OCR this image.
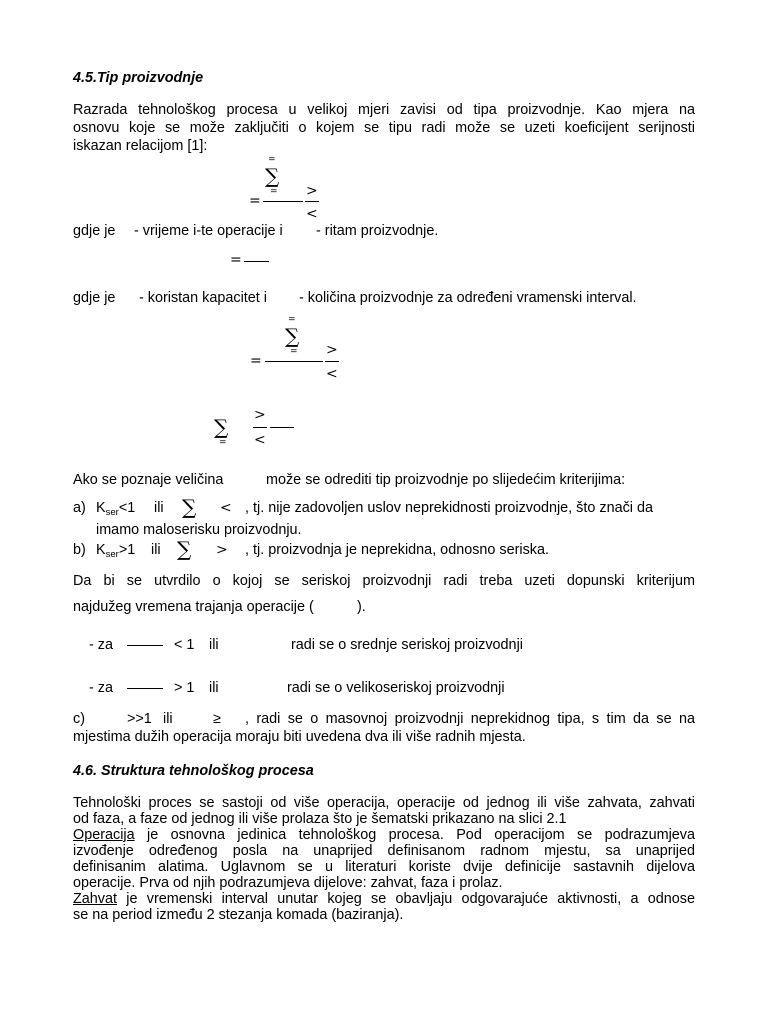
4.5.Tip proizvodnje
Razrada tehnološkog procesa u velikoj mjeri zavisi od tipa proizvodnje. Kao mjera na
osnovu koje se može zaključiti o kojem se tipu radi može se uzeti koeficijent serijnosti
iskazan relacijom [1]:
=
∑
=
=
>
<
gdje je - vrijeme i-te operacije i - ritam proizvodnje.
=
gdje je - koristan kapacitet i - količina proizvodnje za određeni vramenski interval.
=
∑
=
=
>
<
∑
=
>
<
Ako se poznaje veličina	može se odrediti tip proizvodnje po slijedećim kriterijima:
a) $K_{ser}<1$ ili ∑ < , tj. nije zadovoljen uslov neprekidnosti proizvodnje, što znači da
imamo maloserisku proizvodnju.
b) $K_{ser}>1$ ili ∑ > , tj. proizvodnja je neprekidna, odnosno seriska.
Da bi se utvrdilo o kojoj se seriskoj proizvodnji radi treba uzeti dopunski kriterijum
najdužeg vremena trajanja operacije (	).
- za	< 1 ili	radi se o srednje seriskoj proizvodnji
- za	> 1 ili	radi se o velikoseriskoj proizvodnji
c)	>>1 ili	≥ , radi se o masovnoj proizvodnji neprekidnog tipa, s tim da se na
mjestima dužih operacija moraju biti uvedena dva ili više radnih mjesta.
4.6. Struktura tehnološkog procesa
Tehnološki proces se sastoji od više operacija, operacije od jednog ili više zahvata, zahvati
od faza, a faze od jednog ili više prolaza što je šematski prikazano na slici 2.1
Operacija je osnovna jedinica tehnološkog procesa. Pod operacijom se podrazumjeva
izvođenje određenog posla na unaprijed definisanom radnom mjestu, sa unaprijed
definisanim alatima. Uglavnom se u literaturi koriste dvije definicije sastavnih dijelova
operacije. Prva od njih podrazumjeva dijelove: zahvat, faza i prolaz.
Zahvat je vremenski interval unutar kojeg se obavljaju odgovarajuće aktivnosti, a odnose
se na period između 2 stezanja komada (baziranja).
